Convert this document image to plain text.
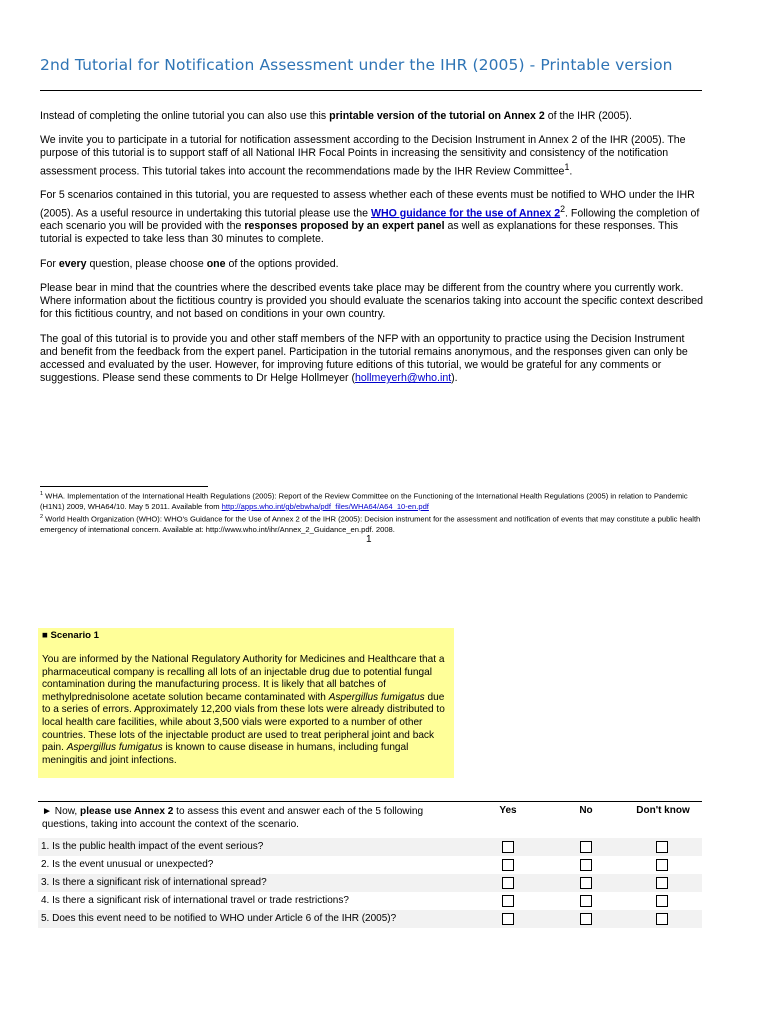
2nd Tutorial for Notification Assessment under the IHR (2005) - Printable version

Instead of completing the online tutorial you can also use this printable version of the tutorial on Annex 2 of the IHR (2005).

We invite you to participate in a tutorial for notification assessment according to the Decision Instrument in Annex 2 of the IHR (2005). The purpose of this tutorial is to support staff of all National IHR Focal Points in increasing the sensitivity and consistency of the notification assessment process. This tutorial takes into account the recommendations made by the IHR Review Committee$^1$.

For 5 scenarios contained in this tutorial, you are requested to assess whether each of these events must be notified to WHO under the IHR (2005). As a useful resource in undertaking this tutorial please use the WHO guidance for the use of Annex $2^2$. Following the completion of each scenario you will be provided with the responses proposed by an expert panel as well as explanations for these responses. This tutorial is expected to take less than 30 minutes to complete.

For every question, please choose one of the options provided.

Please bear in mind that the countries where the described events take place may be different from the country where you currently work. Where information about the fictitious country is provided you should evaluate the scenarios taking into account the specific context described for this fictitious country, and not based on conditions in your own country.

The goal of this tutorial is to provide you and other staff members of the NFP with an opportunity to practice using the Decision Instrument and benefit from the feedback from the expert panel. Participation in the tutorial remains anonymous, and the responses given can only be accessed and evaluated by the user. However, for improving future editions of this tutorial, we would be grateful for any comments or suggestions. Please send these comments to Dr Helge Hollmeyer (hollmeyerh@who.int).

$^1$ WHA. Implementation of the International Health Regulations (2005): Report of the Review Committee on the Functioning of the International Health Regulations (2005) in relation to Pandemic (H1N1) 2009, WHA64/10. May 5 2011. Available from http://apps.who.int/gb/ebwha/pdf_files/WHA64/A64_10-en.pdf
$^2$ World Health Organization (WHO): WHO's Guidance for the Use of Annex 2 of the IHR (2005): Decision instrument for the assessment and notification of events that may constitute a public health emergency of international concern. Available at: http://www.who.int/ihr/Annex_2_Guidance_en.pdf. 2008.
1
■ Scenario 1
You are informed by the National Regulatory Authority for Medicines and Healthcare that a pharmaceutical company is recalling all lots of an injectable drug due to potential fungal contamination during the manufacturing process. It is likely that all batches of methylprednisolone acetate solution became contaminated with Aspergillus fumigatus due to a series of errors. Approximately 12,200 vials from these lots were already distributed to local health care facilities, while about 3,500 vials were exported to a number of other countries. These lots of the injectable product are used to treat peripheral joint and back pain. Aspergillus fumigatus is known to cause disease in humans, including fungal meningitis and joint infections.
► Now, please use Annex 2 to assess this event and answer each of the 5 following questions, taking into account the context of the scenario.
Yes	No	Don't know
1. Is the public health impact of the event serious?
2. Is the event unusual or unexpected?
3. Is there a significant risk of international spread?
4. Is there a significant risk of international travel or trade restrictions?
5. Does this event need to be notified to WHO under Article 6 of the IHR (2005)?
